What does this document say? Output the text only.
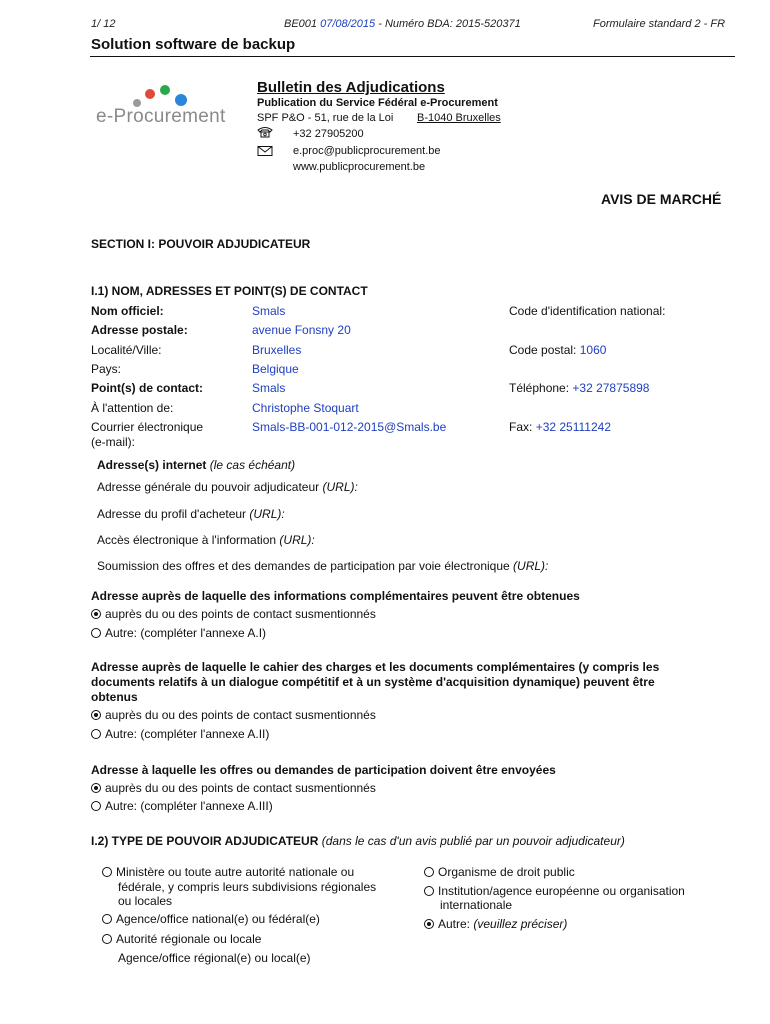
1/ 12	BE001 07/08/2015 - Numéro BDA: 2015-520371	Formulaire standard 2 - FR
Solution software de backup
e-Procurement
Bulletin des Adjudications
Publication du Service Fédéral e-Procurement
SPF P&O - 51, rue de la Loi B-1040 Bruxelles
+32 27905200
e.proc@publicprocurement.be
www.publicprocurement.be
AVIS DE MARCHÉ
SECTION I: POUVOIR ADJUDICATEUR
I.1) NOM, ADRESSES ET POINT(S) DE CONTACT
Nom officiel:	Smals	Code d'identification national:
Adresse postale:	avenue Fonsny 20
Localité/Ville:	Bruxelles	Code postal: 1060
Pays:	Belgique
Point(s) de contact:	Smals	Téléphone: +32 27875898
À l'attention de:	Christophe Stoquart
Courrier électronique
(e-mail):
Smals-BB-001-012-2015@Smals.be	Fax: +32 25111242
Adresse(s) internet (le cas échéant)
Adresse générale du pouvoir adjudicateur (URL):
Adresse du profil d'acheteur (URL):
Accès électronique à l'information (URL):
Soumission des offres et des demandes de participation par voie électronique (URL):
Adresse auprès de laquelle des informations complémentaires peuvent être obtenues
auprès du ou des points de contact susmentionnés
Autre: (compléter l'annexe A.I)
Adresse auprès de laquelle le cahier des charges et les documents complémentaires (y compris les
documents relatifs à un dialogue compétitif et à un système d'acquisition dynamique) peuvent être
obtenus
auprès du ou des points de contact susmentionnés
Autre: (compléter l'annexe A.II)
Adresse à laquelle les offres ou demandes de participation doivent être envoyées
auprès du ou des points de contact susmentionnés
Autre: (compléter l'annexe A.III)
I.2) TYPE DE POUVOIR ADJUDICATEUR (dans le cas d'un avis publié par un pouvoir adjudicateur)
Ministère ou toute autre autorité nationale ou
fédérale, y compris leurs subdivisions régionales
ou locales
Agence/office national(e) ou fédéral(e)
Autorité régionale ou locale
Agence/office régional(e) ou local(e)
Organisme de droit public
Institution/agence européenne ou organisation
internationale
Autre: (veuillez préciser)
